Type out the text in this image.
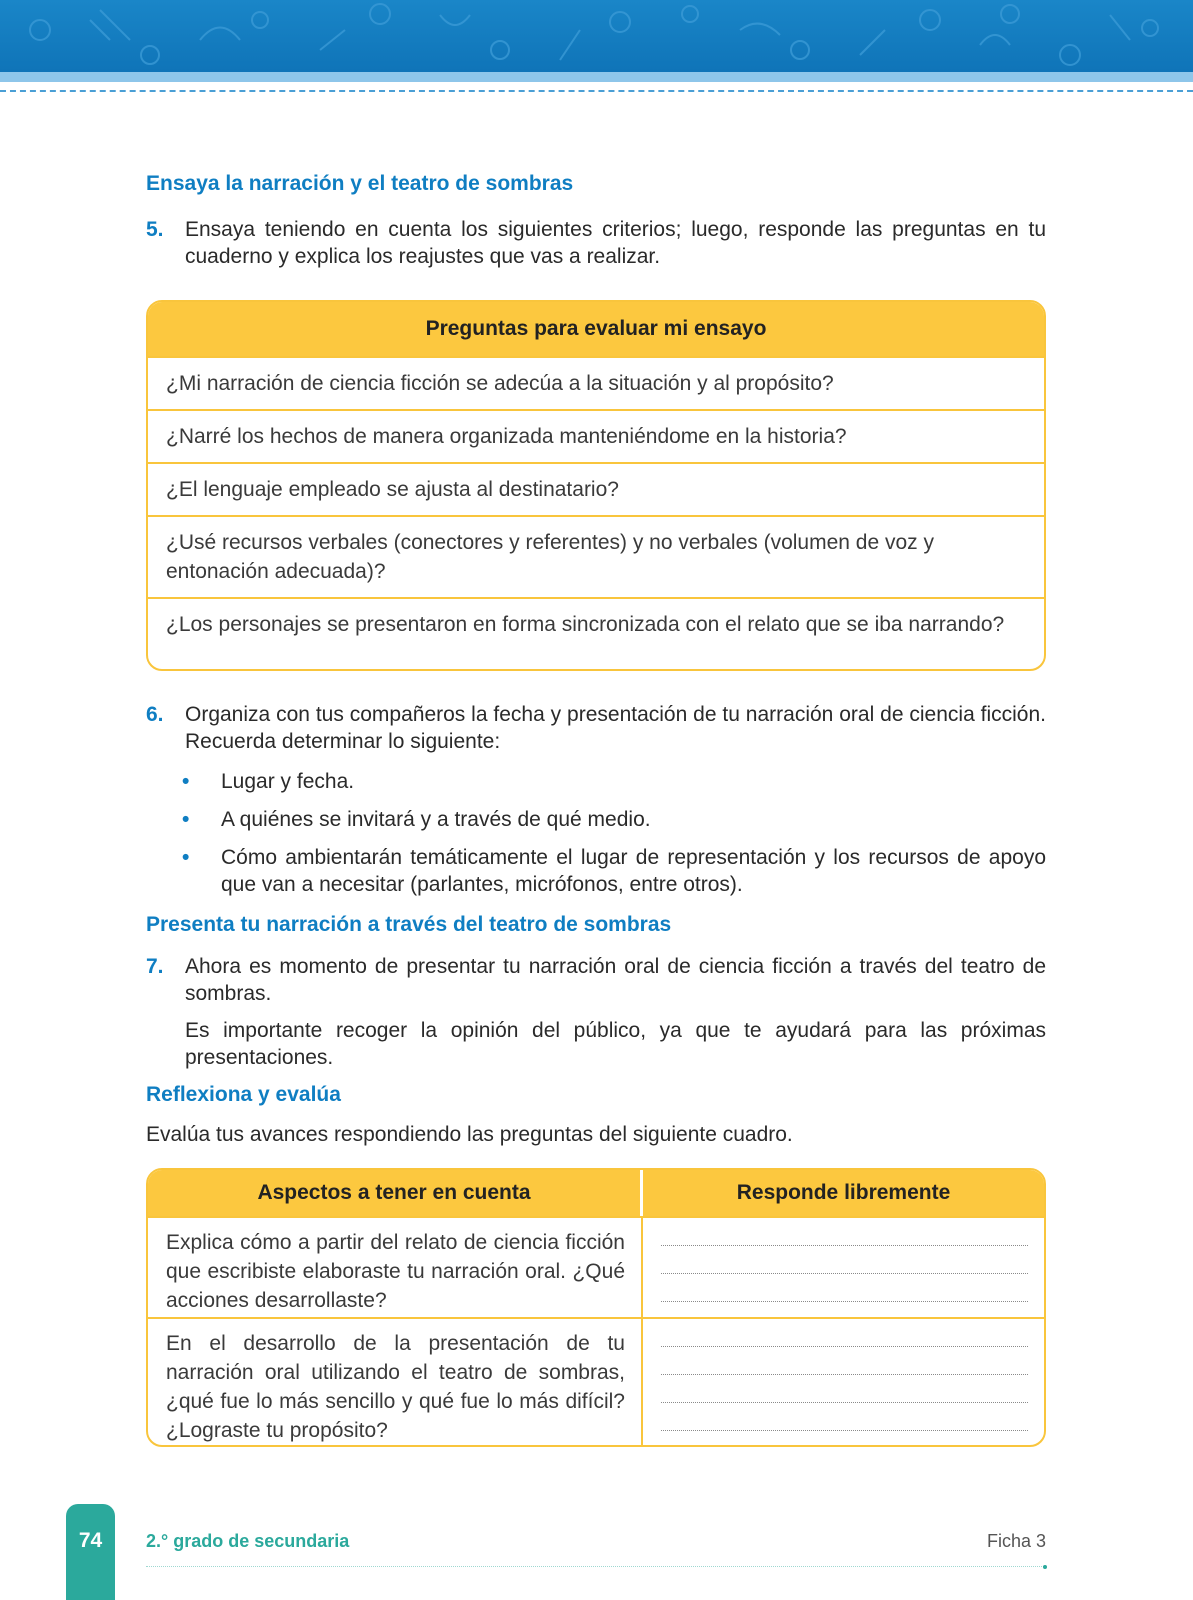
Ensaya la narración y el teatro de sombras
5. Ensaya teniendo en cuenta los siguientes criterios; luego, responde las preguntas en tu cuaderno y explica los reajustes que vas a realizar.
Preguntas para evaluar mi ensayo
¿Mi narración de ciencia ficción se adecúa a la situación y al propósito?
¿Narré los hechos de manera organizada manteniéndome en la historia?
¿El lenguaje empleado se ajusta al destinatario?
¿Usé recursos verbales (conectores y referentes) y no verbales (volumen de voz y entonación adecuada)?
¿Los personajes se presentaron en forma sincronizada con el relato que se iba narrando?
6. Organiza con tus compañeros la fecha y presentación de tu narración oral de ciencia ficción. Recuerda determinar lo siguiente:
• Lugar y fecha.
• A quiénes se invitará y a través de qué medio.
• Cómo ambientarán temáticamente el lugar de representación y los recursos de apoyo que van a necesitar (parlantes, micrófonos, entre otros).
Presenta tu narración a través del teatro de sombras
7. Ahora es momento de presentar tu narración oral de ciencia ficción a través del teatro de sombras.
Es importante recoger la opinión del público, ya que te ayudará para las próximas presentaciones.
Reflexiona y evalúa
Evalúa tus avances respondiendo las preguntas del siguiente cuadro.
Aspectos a tener en cuenta	Responde libremente
Explica cómo a partir del relato de ciencia ficción que escribiste elaboraste tu narración oral. ¿Qué acciones desarrollaste?
En el desarrollo de la presentación de tu narración oral utilizando el teatro de sombras, ¿qué fue lo más sencillo y qué fue lo más difícil? ¿Lograste tu propósito?
74	2.° grado de secundaria	Ficha 3
